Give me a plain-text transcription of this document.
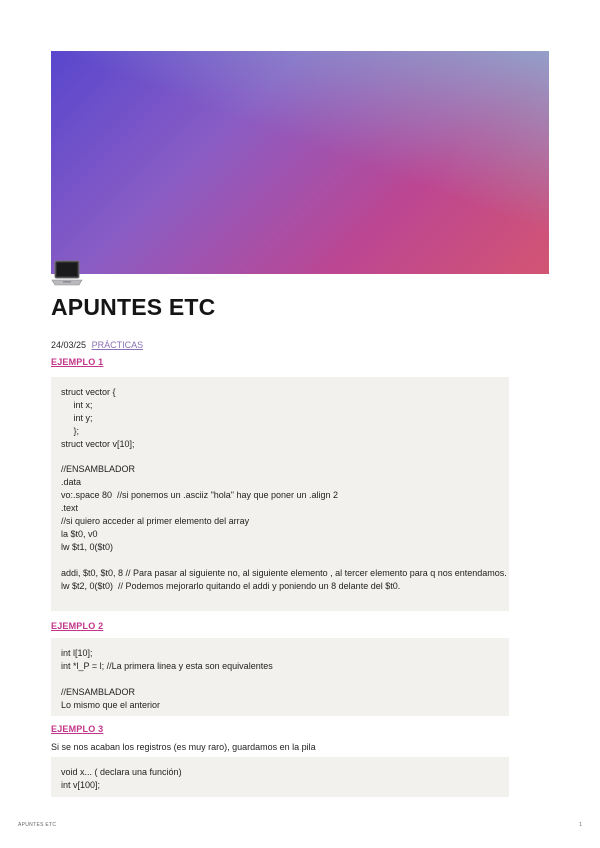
APUNTES ETC
24/03/25 PRÁCTICAS
EJEMPLO 1
struct vector {
int x;
int y;
};
struct vector v[10];
//ENSAMBLADOR
.data
vo:.space 80  //si ponemos un .asciiz "hola" hay que poner un .align 2
.text
//si quiero acceder al primer elemento del array
la $t0, v0
lw $t1, 0($t0)
addi, $t0, $t0, 8 // Para pasar al siguiente no, al siguiente elemento , al tercer elemento para q nos entendamos.
lw $t2, 0($t0)  // Podemos mejorarlo quitando el addi y poniendo un 8 delante del $t0.
EJEMPLO 2
int l[10];
int *l_P = l; //La primera linea y esta son equivalentes
//ENSAMBLADOR
Lo mismo que el anterior
EJEMPLO 3
Si se nos acaban los registros (es muy raro), guardamos en la pila
void x... ( declara una función)
int v[100];
APUNTES ETC	1
